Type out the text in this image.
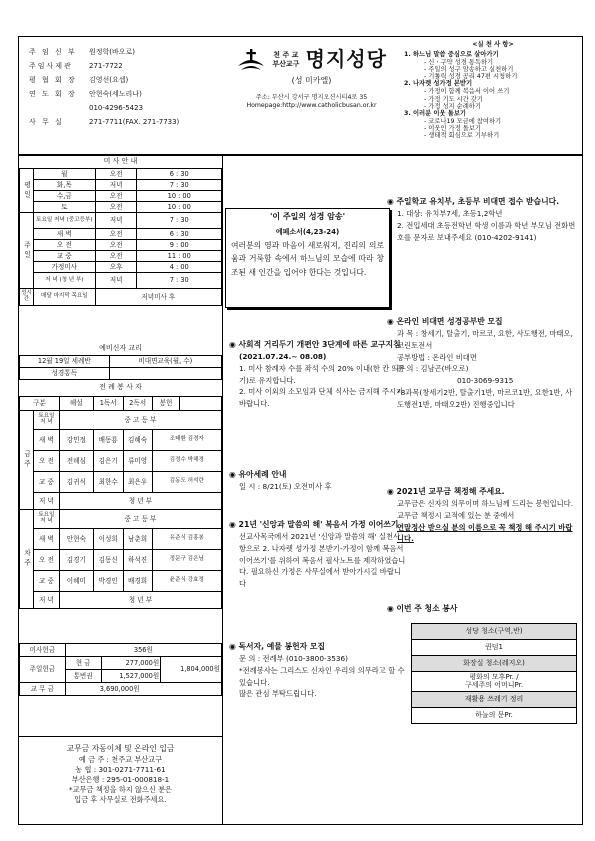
주 임 신 부	원정학(바오로)
주임사제관	271-7722
평 협 회 장	김영선(요셉)
연 도 회 장	안현숙(세노리나)
010-4296-5423
사 무 실	271-7711(FAX. 271-7733)
천 주 교
부산교구 명지성당
(성 미카엘)
주소: 부산시 강서구 명지오션시티4로 35
Homepage:http://www.catholicbusan.or.kr
<실 천 사 항>
1. 하느님 말씀 중심으로 살아가기
- 신ㆍ구약 성경 통독하기
- 주일의 성구 암송하고 실천하기
- 기톨릭 성경 공리 47편 시청하기
2. 나자렛 성가정 본받기
- 가정이 함께 복음서 이어 쓰기
- 가정 기도 시간 갖기
- 가정 성지 순례하기
3. 이러분 이웃 돌보기
- 코로나19 모금에 참여하기
- 이웃인 가정 돌보기
- 생태적 회심으로 기부하기
미 사 안 내
평일	월	오전	6 : 30
	화,목	저녁	7 : 30
	수,금	오전	10 : 00
	토	오전	10 : 00
주일	토요일 저녁 (중고등부)	저녁	7 : 30
	새 벽	오전	6 : 30
	오 전	오전	9 : 00
	교 중	오전	11 : 00
	가정미사	오후	4 : 00
	저 녁 (청 년 부)	저녁	7 : 30
성시간	매달 마지막 목요일	저녁미사 후	
예비신자 교리
12월 19일 세례반	비대면교육(월, 수)
성경통독	
전 례 봉 사 자
구분		해설	1독서	2독서	봉헌	
금주	토요일 저 녁	중 고 등 부				
	새 벽	강민정	배동룡	김혜숙	조태환 김경자	
	오 전	전해심	김은기	류미영	김정수 박해경	
	교 중	김귀식	최한수	최은우	김동도 허석란	
	저 녁	청 년 부				
차주	토요일 저 녁	중 고 등 부				
	새 벽	안현숙	이성희	남춘희	유준식 김홍봉	
	오 전	김경기	김동신	하석진	정문구 김은님	
	교 중	이혜미	박경인	배경희	윤준식 강효정	
	저 녁	청 년 부				
미사헌금	356원		
주일헌금	현 금	277,000원	1,804,000원
	통번권	1,527,000원	
교 무 금	3,690,000원		
교무금 자동이체 및 온라인 입금
예 금 주 : 천주교 부산교구
농 협 : 301-0271-7711-61
부산은행 : 295-01-000818-1
*교무금 책정을 하지 않으신 분은
입금 후 사무실로 전화주세요.
'이 주일의 성경 암송'
에페소서(4,23-24)
여러분의 영과 마음이 새로워져, 진리의 의로움과 거룩함 속에서 하느님의 모습에 따라 창조된 새 인간을 입어야 한다는 것입니다.
◉ 사회적 거리두기 개편안 3단계에 따른 교구지침
(2021.07.24.~ 08.08)
1. 미사 참례자 수를 좌석 수의 20% 이내(한 칸 띄우기)로 유지합니다.
2. 미사 이외의 소모임과 단체 식사는 금지해 주시기 바랍니다.
◉ 유아세례 안내
일 시 : 8/21(토) 오전미사 후
◉ 21년 '신앙과 말씀의 해' 복음서 가정 이어쓰기
선교사목국에서 2021년 '신앙과 말씀의 해' 실천사항으로 2. 나자렛 성가정 본받기-가정이 함께 복음서 이어쓰기'를 위하여 복음서 필사노트를 제작하였습니다. 필요하신 가정은 사무실에서 받아가시길 바랍니다
◉ 독서자, 예물 봉헌자 모집
문 의 : 전례부 (010-3800-3536)
*전례봉사는 그리스도 신자인 우리의 의무라고 할 수 있습니다.
많은 관심 부탁드립니다.
◉ 주일학교 유치부, 초등부 비대면 접수 받습니다.
1. 대상: 유치부7세, 초등1,2학년
2. 전입세대 초등전학년 학생 이름과 학년 부모님 전화번호를 문자로 보내주세요 (010-4202-9141)
◉ 온라인 비대면 성경공부반 모집
과 목 : 창세기, 탈출기, 마르코, 요한, 사도행전, 마태오,코린토전서
공부방법 : 온라인 비대면
문 의 : 김남곤(바오로)
010-3069-9315
*8과목(창세기2반, 탈출기1반, 마르코1반, 요한1반, 사도행전1반, 마태오2반) 진행중입니다
◉ 2021년 교무금 책정해 주세요.
교무금은 신자의 의무이며 하느님께 드리는 봉헌입니다.
교무금 책정시 교적에 있는 분 중에서
연말정산 받으실 분의 이름으로 꼭 책정 해 주시기 바랍니다.
◉ 이번 주 청소 봉사
성당 청소(구역,반)
퀸덤1
화장실 청소(레지오)
평화의 모후Pr. /
구세주의 어머니Pr.
재활용 쓰레기 정리
하늘의 문Pr.
